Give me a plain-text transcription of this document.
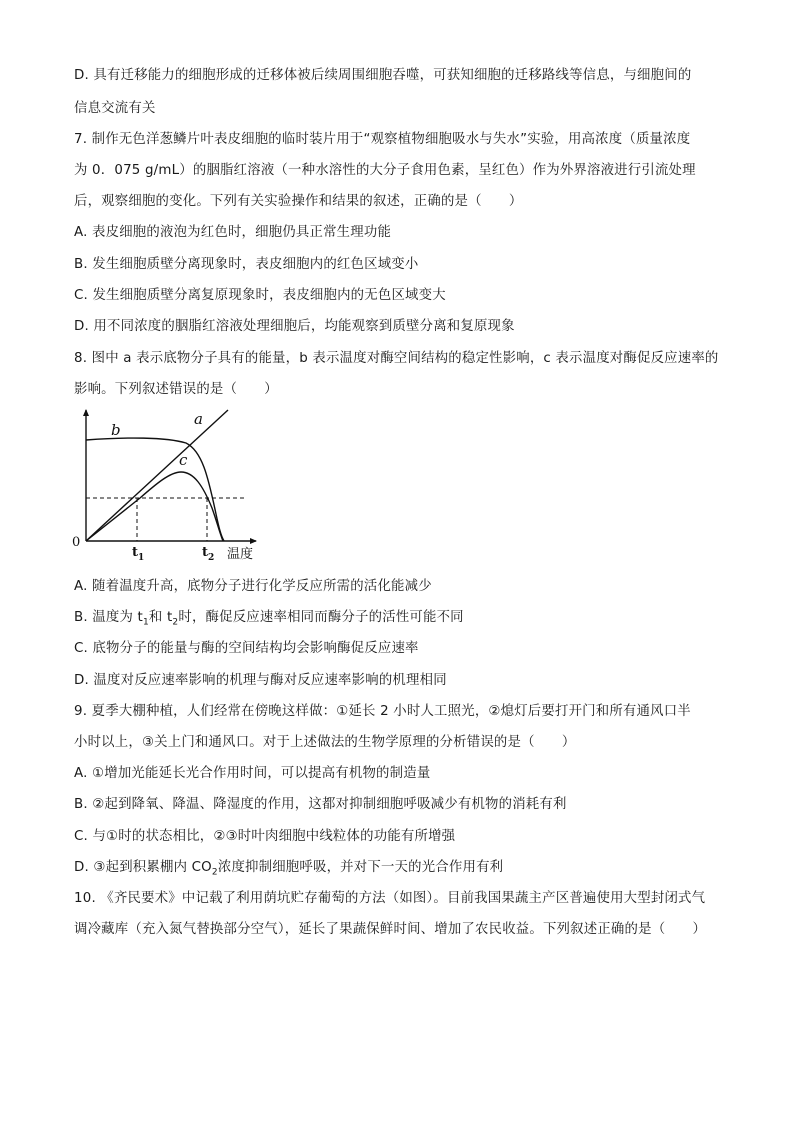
D. 具有迁移能力的细胞形成的迁移体被后续周围细胞吞噬，可获知细胞的迁移路线等信息，与细胞间的

信息交流有关

7. 制作无色洋葱鳞片叶表皮细胞的临时装片用于“观察植物细胞吸水与失水”实验，用高浓度（质量浓度

为 0．075 g/mL）的胭脂红溶液（一种水溶性的大分子食用色素，呈红色）作为外界溶液进行引流处理

后，观察细胞的变化。下列有关实验操作和结果的叙述，正确的是（　　）

A. 表皮细胞的液泡为红色时，细胞仍具正常生理功能

B. 发生细胞质壁分离现象时，表皮细胞内的红色区域变小

C. 发生细胞质壁分离复原现象时，表皮细胞内的无色区域变大

D. 用不同浓度的胭脂红溶液处理细胞后，均能观察到质壁分离和复原现象

8. 图中 a 表示底物分子具有的能量，b 表示温度对酶空间结构的稳定性影响，c 表示温度对酶促反应速率的

影响。下列叙述错误的是（　　）

a
b
c
0
$t_1$	$t_2$ 温度

A. 随着温度升高，底物分子进行化学反应所需的活化能减少

B. 温度为 $t_1$和 $t_2$时，酶促反应速率相同而酶分子的活性可能不同

C. 底物分子的能量与酶的空间结构均会影响酶促反应速率

D. 温度对反应速率影响的机理与酶对反应速率影响的机理相同

9. 夏季大棚种植，人们经常在傍晚这样做：①延长 2 小时人工照光，②熄灯后要打开门和所有通风口半

小时以上，③关上门和通风口。对于上述做法的生物学原理的分析错误的是（　　）

A. ①增加光能延长光合作用时间，可以提高有机物的制造量

B. ②起到降氧、降温、降湿度的作用，这都对抑制细胞呼吸减少有机物的消耗有利

C. 与①时的状态相比，②③时叶肉细胞中线粒体的功能有所增强

D. ③起到积累棚内 $CO_2$浓度抑制细胞呼吸，并对下一天的光合作用有利

10. 《齐民要术》中记载了利用荫坑贮存葡萄的方法（如图）。目前我国果蔬主产区普遍使用大型封闭式气

调冷藏库（充入氮气替换部分空气），延长了果蔬保鲜时间、增加了农民收益。下列叙述正确的是（　　）
